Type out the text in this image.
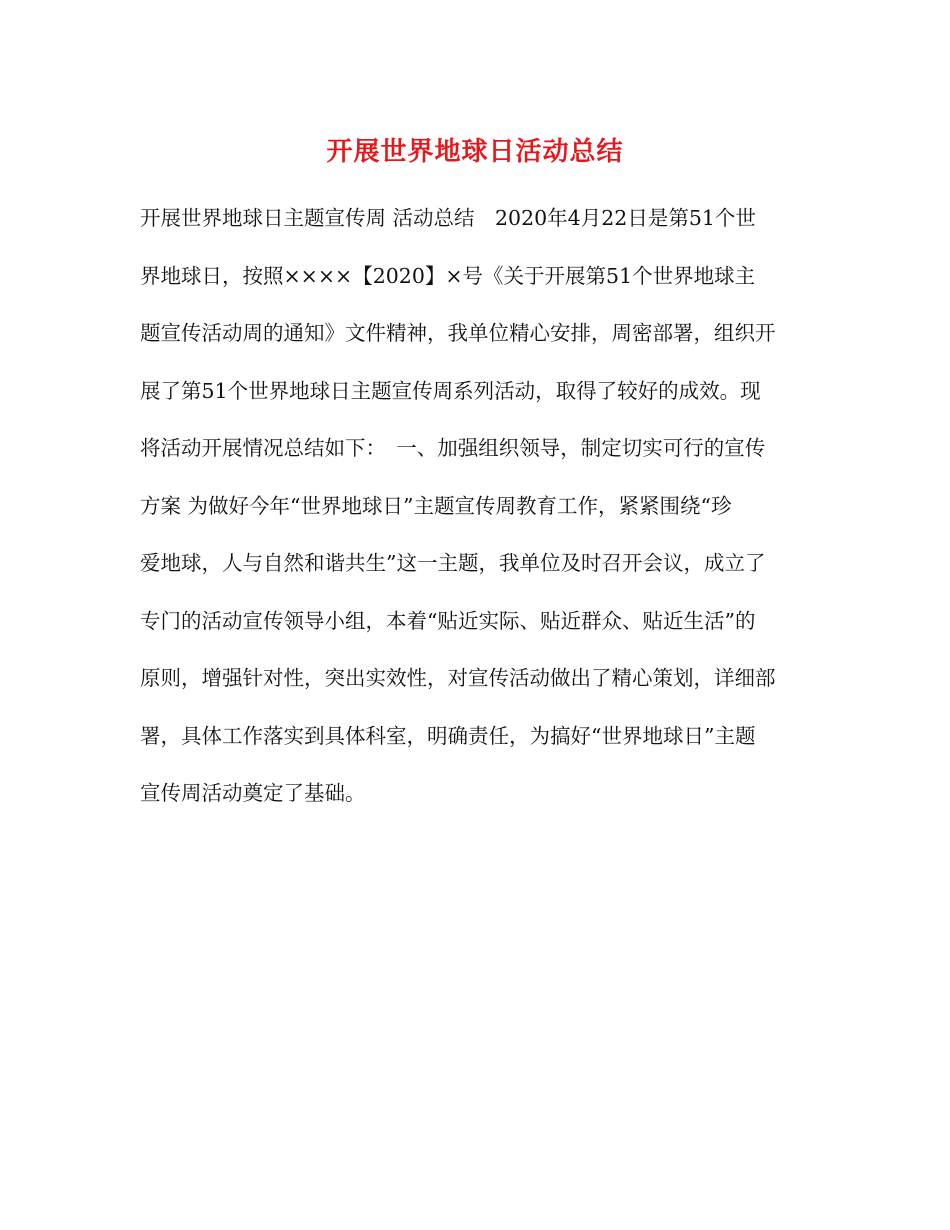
开展世界地球日活动总结
开展世界地球日主题宣传周 活动总结　2020年4月22日是第51个世
界地球日，按照××××【2020】×号《关于开展第51个世界地球主
题宣传活动周的通知》文件精神，我单位精心安排，周密部署，组织开
展了第51个世界地球日主题宣传周系列活动，取得了较好的成效。现
将活动开展情况总结如下：　一、加强组织领导，制定切实可行的宣传
方案 为做好今年“世界地球日”主题宣传周教育工作，紧紧围绕“珍
爱地球，人与自然和谐共生”这一主题，我单位及时召开会议，成立了
专门的活动宣传领导小组，本着“贴近实际、贴近群众、贴近生活”的
原则，增强针对性，突出实效性，对宣传活动做出了精心策划，详细部
署，具体工作落实到具体科室，明确责任，为搞好“世界地球日”主题
宣传周活动奠定了基础。
